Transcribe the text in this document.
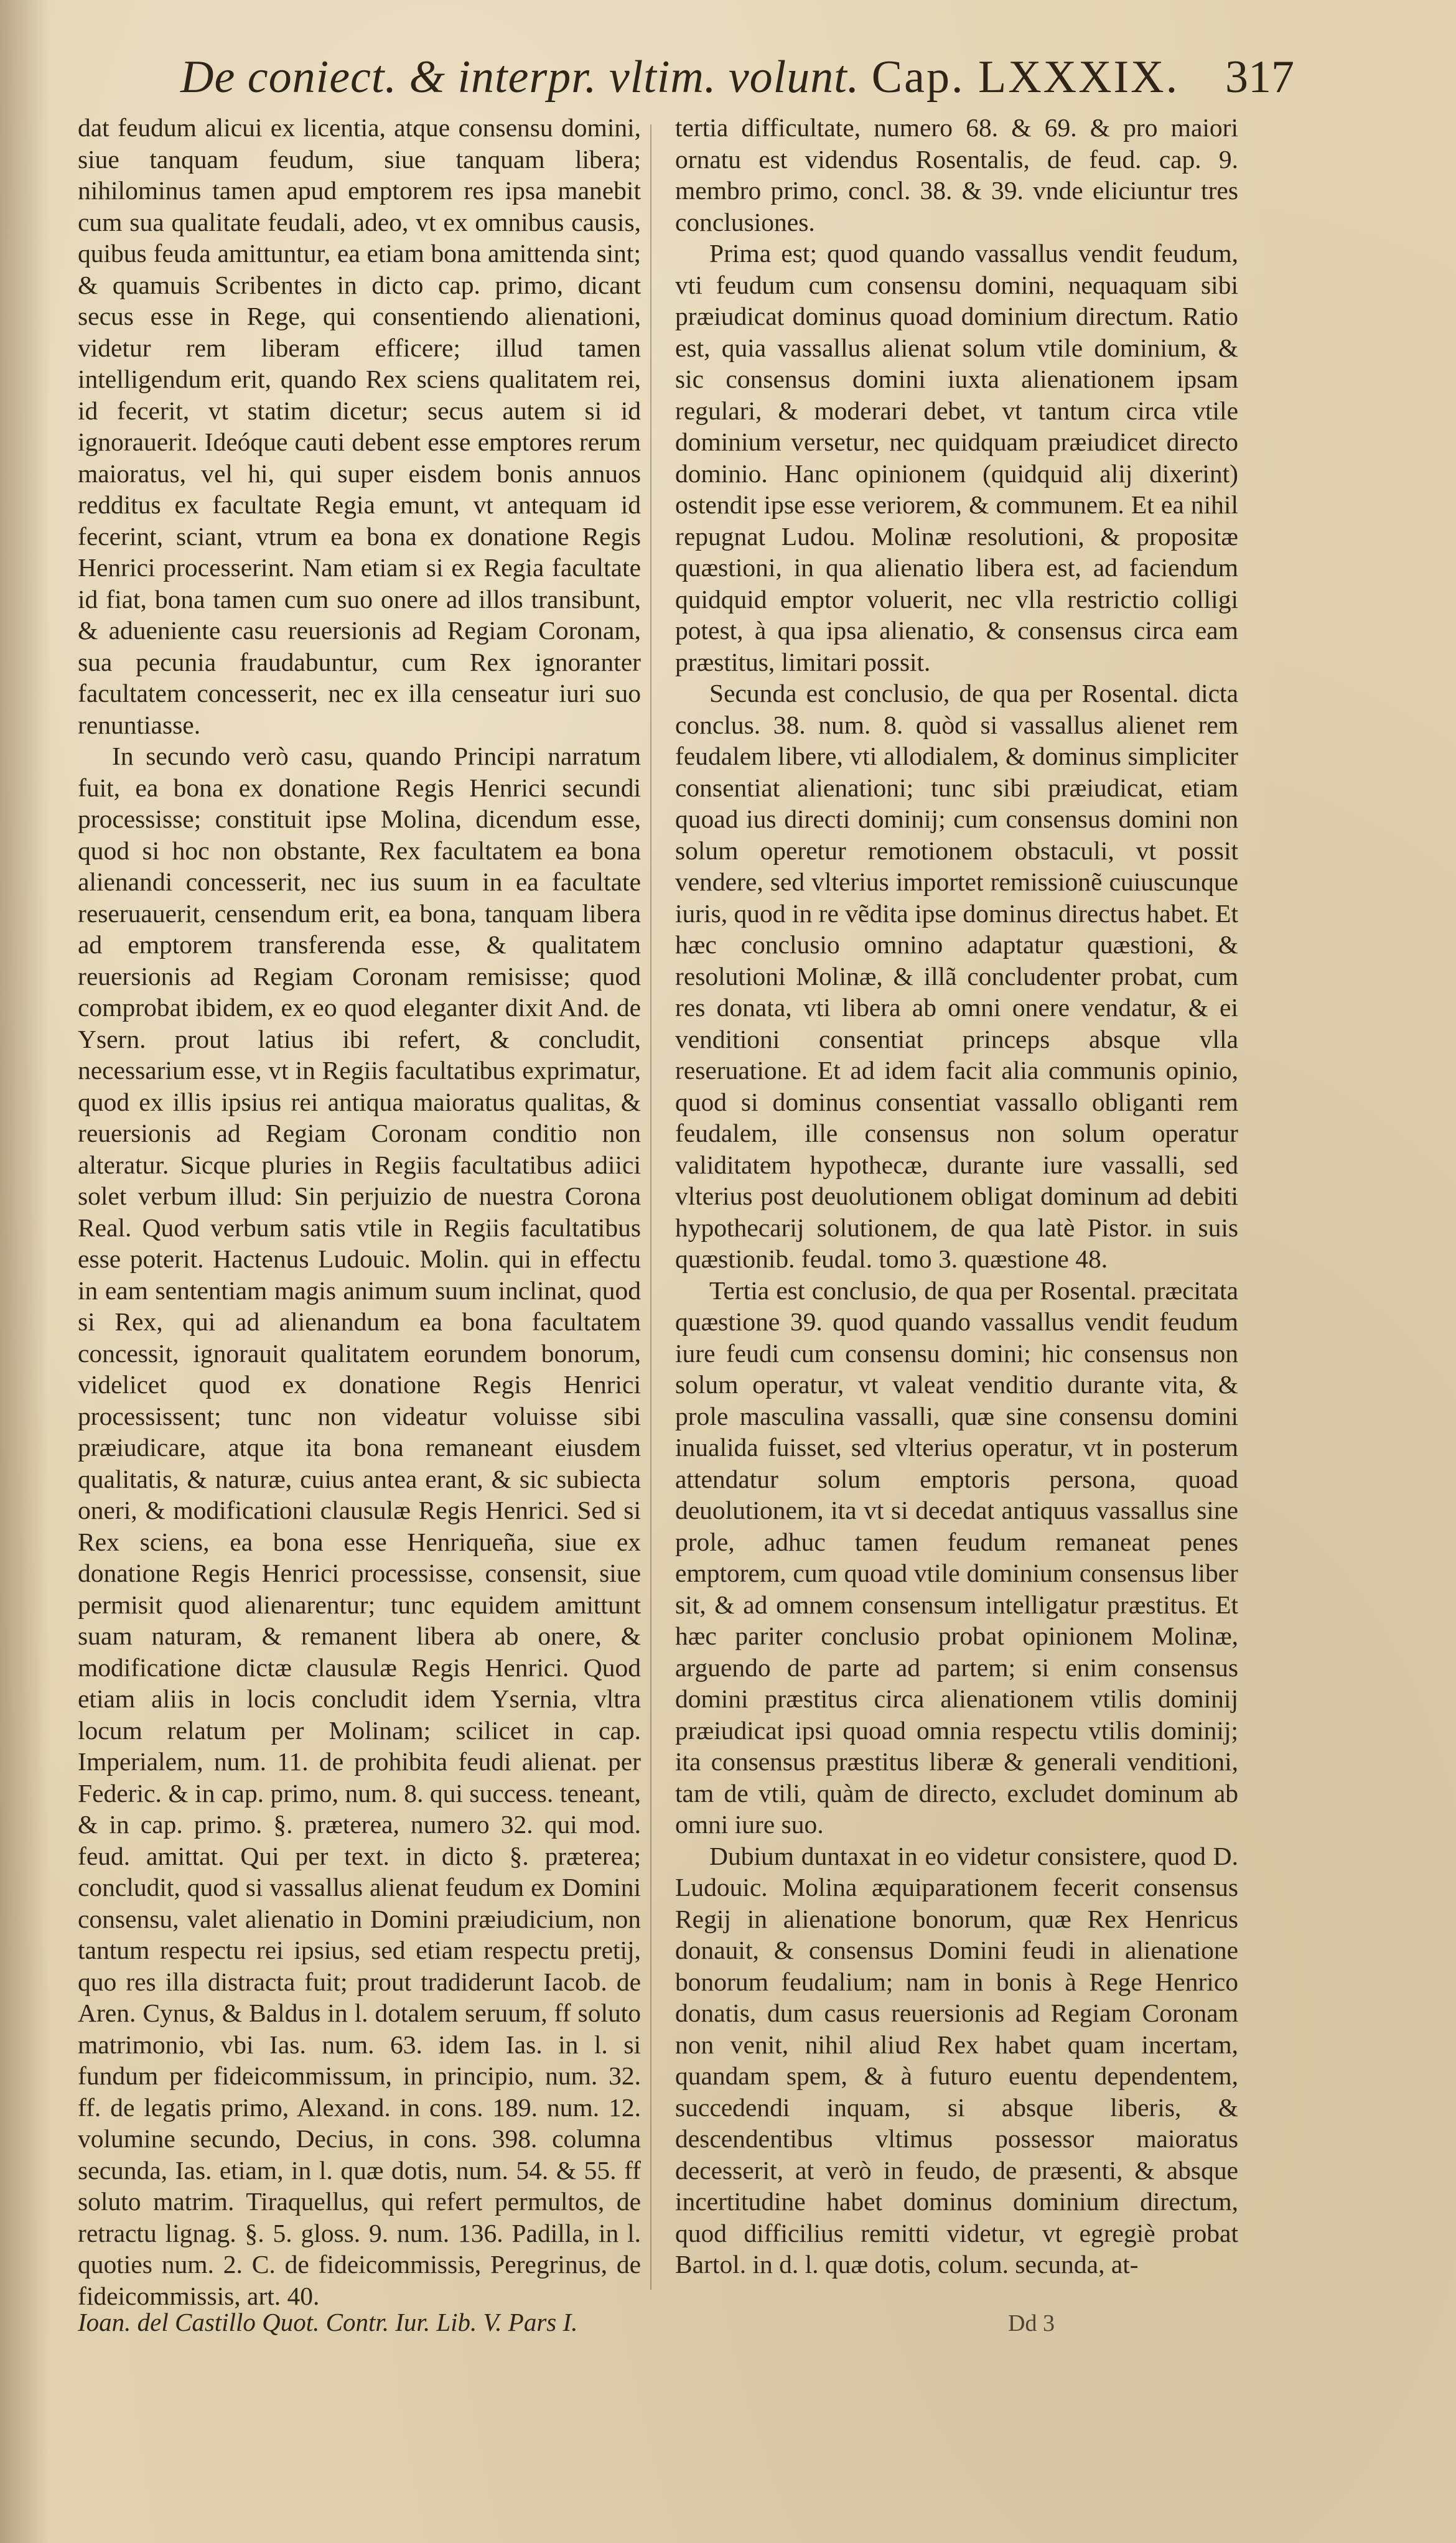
De coniect. & interpr. vltim. volunt. Cap. LXXXIX. 317

dat feudum alicui ex licentia, atque consensu domini, siue tanquam feudum, siue tanquam libera; nihilominus tamen apud emptorem res ipsa manebit cum sua qualitate feudali, adeo, vt ex omnibus causis, quibus feuda amittuntur, ea etiam bona amittenda sint; & quamuis Scribentes in dicto cap. primo, dicant secus esse in Rege, qui consentiendo alienationi, videtur rem liberam efficere; illud tamen intelligendum erit, quando Rex sciens qualitatem rei, id fecerit, vt statim dicetur; secus autem si id ignorauerit. Ideóque cauti debent esse emptores rerum maioratus, vel hi, qui super eisdem bonis annuos redditus ex facultate Regia emunt, vt antequam id fecerint, sciant, vtrum ea bona ex donatione Regis Henrici processerint. Nam etiam si ex Regia facultate id fiat, bona tamen cum suo onere ad illos transibunt, & adueniente casu reuersionis ad Regiam Coronam, sua pecunia fraudabuntur, cum Rex ignoranter facultatem concesserit, nec ex illa censeatur iuri suo renuntiasse.

In secundo verò casu, quando Principi narratum fuit, ea bona ex donatione Regis Henrici secundi processisse; constituit ipse Molina, dicendum esse, quod si hoc non obstante, Rex facultatem ea bona alienandi concesserit, nec ius suum in ea facultate reseruauerit, censendum erit, ea bona, tanquam libera ad emptorem transferenda esse, & qualitatem reuersionis ad Regiam Coronam remisisse; quod comprobat ibidem, ex eo quod eleganter dixit And. de Ysern. prout latius ibi refert, & concludit, necessarium esse, vt in Regiis facultatibus exprimatur, quod ex illis ipsius rei antiqua maioratus qualitas, & reuersionis ad Regiam Coronam conditio non alteratur. Sicque pluries in Regiis facultatibus adiici solet verbum illud: Sin perjuizio de nuestra Corona Real. Quod verbum satis vtile in Regiis facultatibus esse poterit. Hactenus Ludouic. Molin. qui in effectu in eam sententiam magis animum suum inclinat, quod si Rex, qui ad alienandum ea bona facultatem concessit, ignorauit qualitatem eorundem bonorum, videlicet quod ex donatione Regis Henrici processissent; tunc non videatur voluisse sibi præiudicare, atque ita bona remaneant eiusdem qualitatis, & naturæ, cuius antea erant, & sic subiecta oneri, & modificationi clausulæ Regis Henrici. Sed si Rex sciens, ea bona esse Henriqueña, siue ex donatione Regis Henrici processisse, consensit, siue permisit quod alienarentur; tunc equidem amittunt suam naturam, & remanent libera ab onere, & modificatione dictæ clausulæ Regis Henrici. Quod etiam aliis in locis concludit idem Ysernia, vltra locum relatum per Molinam; scilicet in cap. Imperialem, num. 11. de prohibita feudi alienat. per Federic. & in cap. primo, num. 8. qui success. teneant, & in cap. primo. §. præterea, numero 32. qui mod. feud. amittat. Qui per text. in dicto §. præterea; concludit, quod si vassallus alienat feudum ex Domini consensu, valet alienatio in Domini præiudicium, non tantum respectu rei ipsius, sed etiam respectu pretij, quo res illa distracta fuit; prout tradiderunt Iacob. de Aren. Cynus, & Baldus in l. dotalem seruum, ff soluto matrimonio, vbi Ias. num. 63. idem Ias. in l. si fundum per fideicommissum, in principio, num. 32. ff. de legatis primo, Alexand. in cons. 189. num. 12. volumine secundo, Decius, in cons. 398. columna secunda, Ias. etiam, in l. quæ dotis, num. 54. & 55. ff soluto matrim. Tiraquellus, qui refert permultos, de retractu lignag. §. 5. gloss. 9. num. 136. Padilla, in l. quoties num. 2. C. de fideicommissis, Peregrinus, de fideicommissis, art. 40.

tertia difficultate, numero 68. & 69. & pro maiori ornatu est videndus Rosentalis, de feud. cap. 9. membro primo, concl. 38. & 39. vnde eliciuntur tres conclusiones.

Prima est; quod quando vassallus vendit feudum, vti feudum cum consensu domini, nequaquam sibi præiudicat dominus quoad dominium directum. Ratio est, quia vassallus alienat solum vtile dominium, & sic consensus domini iuxta alienationem ipsam regulari, & moderari debet, vt tantum circa vtile dominium versetur, nec quidquam præiudicet directo dominio. Hanc opinionem (quidquid alij dixerint) ostendit ipse esse veriorem, & communem. Et ea nihil repugnat Ludou. Molinæ resolutioni, & propositæ quæstioni, in qua alienatio libera est, ad faciendum quidquid emptor voluerit, nec vlla restrictio colligi potest, à qua ipsa alienatio, & consensus circa eam præstitus, limitari possit.

Secunda est conclusio, de qua per Rosental. dicta conclus. 38. num. 8. quòd si vassallus alienet rem feudalem libere, vti allodialem, & dominus simpliciter consentiat alienationi; tunc sibi præiudicat, etiam quoad ius directi dominij; cum consensus domini non solum operetur remotionem obstaculi, vt possit vendere, sed vlterius importet remissionẽ cuiuscunque iuris, quod in re vẽdita ipse dominus directus habet. Et hæc conclusio omnino adaptatur quæstioni, & resolutioni Molinæ, & illã concludenter probat, cum res donata, vti libera ab omni onere vendatur, & ei venditioni consentiat princeps absque vlla reseruatione. Et ad idem facit alia communis opinio, quod si dominus consentiat vassallo obliganti rem feudalem, ille consensus non solum operatur validitatem hypothecæ, durante iure vassalli, sed vlterius post deuolutionem obligat dominum ad debiti hypothecarij solutionem, de qua latè Pistor. in suis quæstionib. feudal. tomo 3. quæstione 48.

Tertia est conclusio, de qua per Rosental. præcitata quæstione 39. quod quando vassallus vendit feudum iure feudi cum consensu domini; hic consensus non solum operatur, vt valeat venditio durante vita, & prole masculina vassalli, quæ sine consensu domini inualida fuisset, sed vlterius operatur, vt in posterum attendatur solum emptoris persona, quoad deuolutionem, ita vt si decedat antiquus vassallus sine prole, adhuc tamen feudum remaneat penes emptorem, cum quoad vtile dominium consensus liber sit, & ad omnem consensum intelligatur præstitus. Et hæc pariter conclusio probat opinionem Molinæ, arguendo de parte ad partem; si enim consensus domini præstitus circa alienationem vtilis dominij præiudicat ipsi quoad omnia respectu vtilis dominij; ita consensus præstitus liberæ & generali venditioni, tam de vtili, quàm de directo, excludet dominum ab omni iure suo.

Dubium duntaxat in eo videtur consistere, quod D. Ludouic. Molina æquiparationem fecerit consensus Regij in alienatione bonorum, quæ Rex Henricus donauit, & consensus Domini feudi in alienatione bonorum feudalium; nam in bonis à Rege Henrico donatis, dum casus reuersionis ad Regiam Coronam non venit, nihil aliud Rex habet quam incertam, quandam spem, & à futuro euentu dependentem, succedendi inquam, si absque liberis, & descendentibus vltimus possessor maioratus decesserit, at verò in feudo, de præsenti, & absque incertitudine habet dominus dominium directum, quod difficilius remitti videtur, vt egregiè probat Bartol. in d. l. quæ dotis, colum. secunda, at-

Ioan. del Castillo Quot. Contr. Iur. Lib. V. Pars I.	Dd 3
